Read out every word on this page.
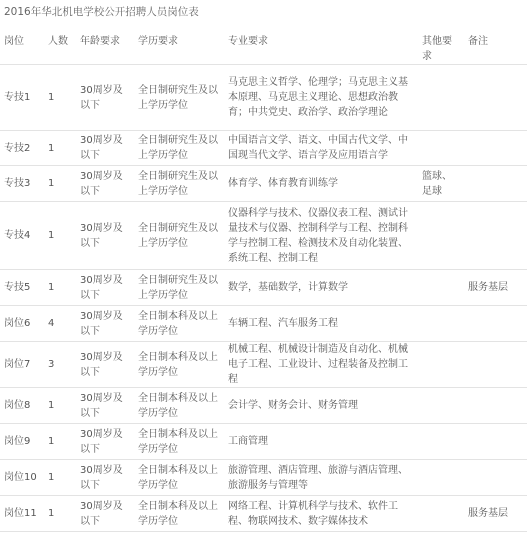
2016年华北机电学校公开招聘人员岗位表
岗位	人数	年龄要求	学历要求	专业要求	其他要求	备注
专技1	1	30周岁及以下	全日制研究生及以上学历学位	马克思主义哲学、伦理学；马克思主义基本原理、马克思主义理论、思想政治教育；中共党史、政治学、政治学理论		
专技2	1	30周岁及以下	全日制研究生及以上学历学位	中国语言文学、语文、中国古代文学、中国现当代文学、语言学及应用语言学		
专技3	1	30周岁及以下	全日制研究生及以上学历学位	体育学、体育教育训练学	篮球、足球	
专技4	1	30周岁及以下	全日制研究生及以上学历学位	仪器科学与技术、仪器仪表工程、测试计量技术与仪器、控制科学与工程、控制科学与控制工程、检测技术及自动化装置、系统工程、控制工程		
专技5	1	30周岁及以下	全日制研究生及以上学历学位	数学，基础数学，计算数学		服务基层
岗位6	4	30周岁及以下	全日制本科及以上学历学位	车辆工程、汽车服务工程		
岗位7	3	30周岁及以下	全日制本科及以上学历学位	机械工程、机械设计制造及自动化、机械电子工程、工业设计、过程装备及控制工程		
岗位8	1	30周岁及以下	全日制本科及以上学历学位	会计学、财务会计、财务管理		
岗位9	1	30周岁及以下	全日制本科及以上学历学位	工商管理		
岗位10	1	30周岁及以下	全日制本科及以上学历学位	旅游管理、酒店管理、旅游与酒店管理、旅游服务与管理等		
岗位11	1	30周岁及以下	全日制本科及以上学历学位	网络工程、计算机科学与技术、软件工程、物联网技术、数字媒体技术		服务基层
